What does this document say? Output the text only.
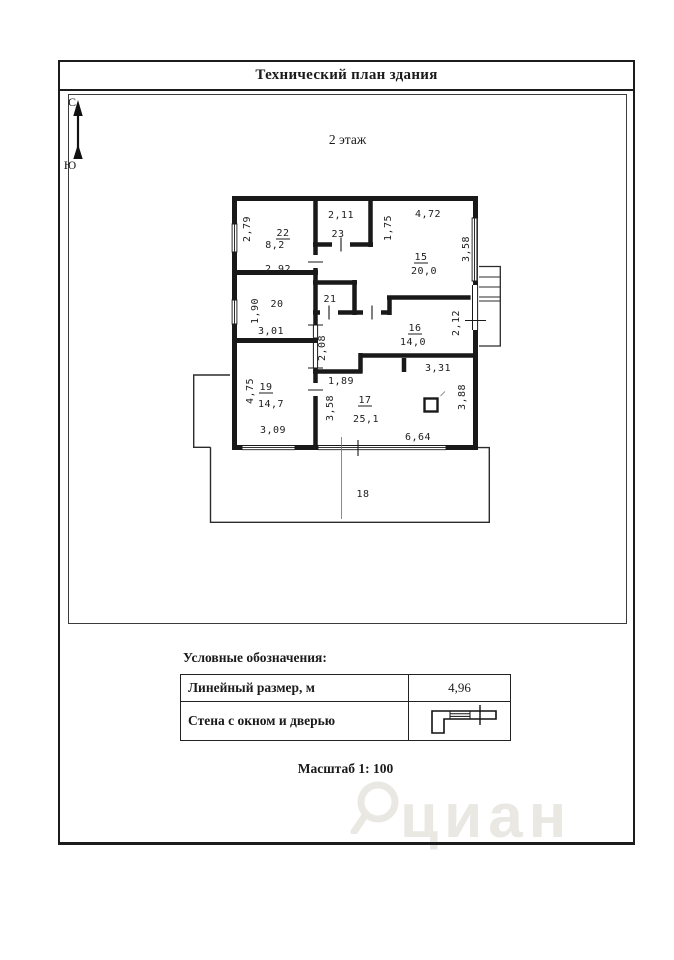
циан
Технический план здания
2 этаж
С
Ю
2,79 22
8,2
2,92
2,11
23	1,75
4,72
15
20,0
3,58
1,90 20
3,01
21
2,08
16
14,0
2,12
4,75 19
14,7
3,09
1,89
3,31
3,58 17
25,1
3,88
6,64
18
Условные обозначения:
Линейный размер, м	4,96
Стена с окном и дверью
Масштаб 1: 100
